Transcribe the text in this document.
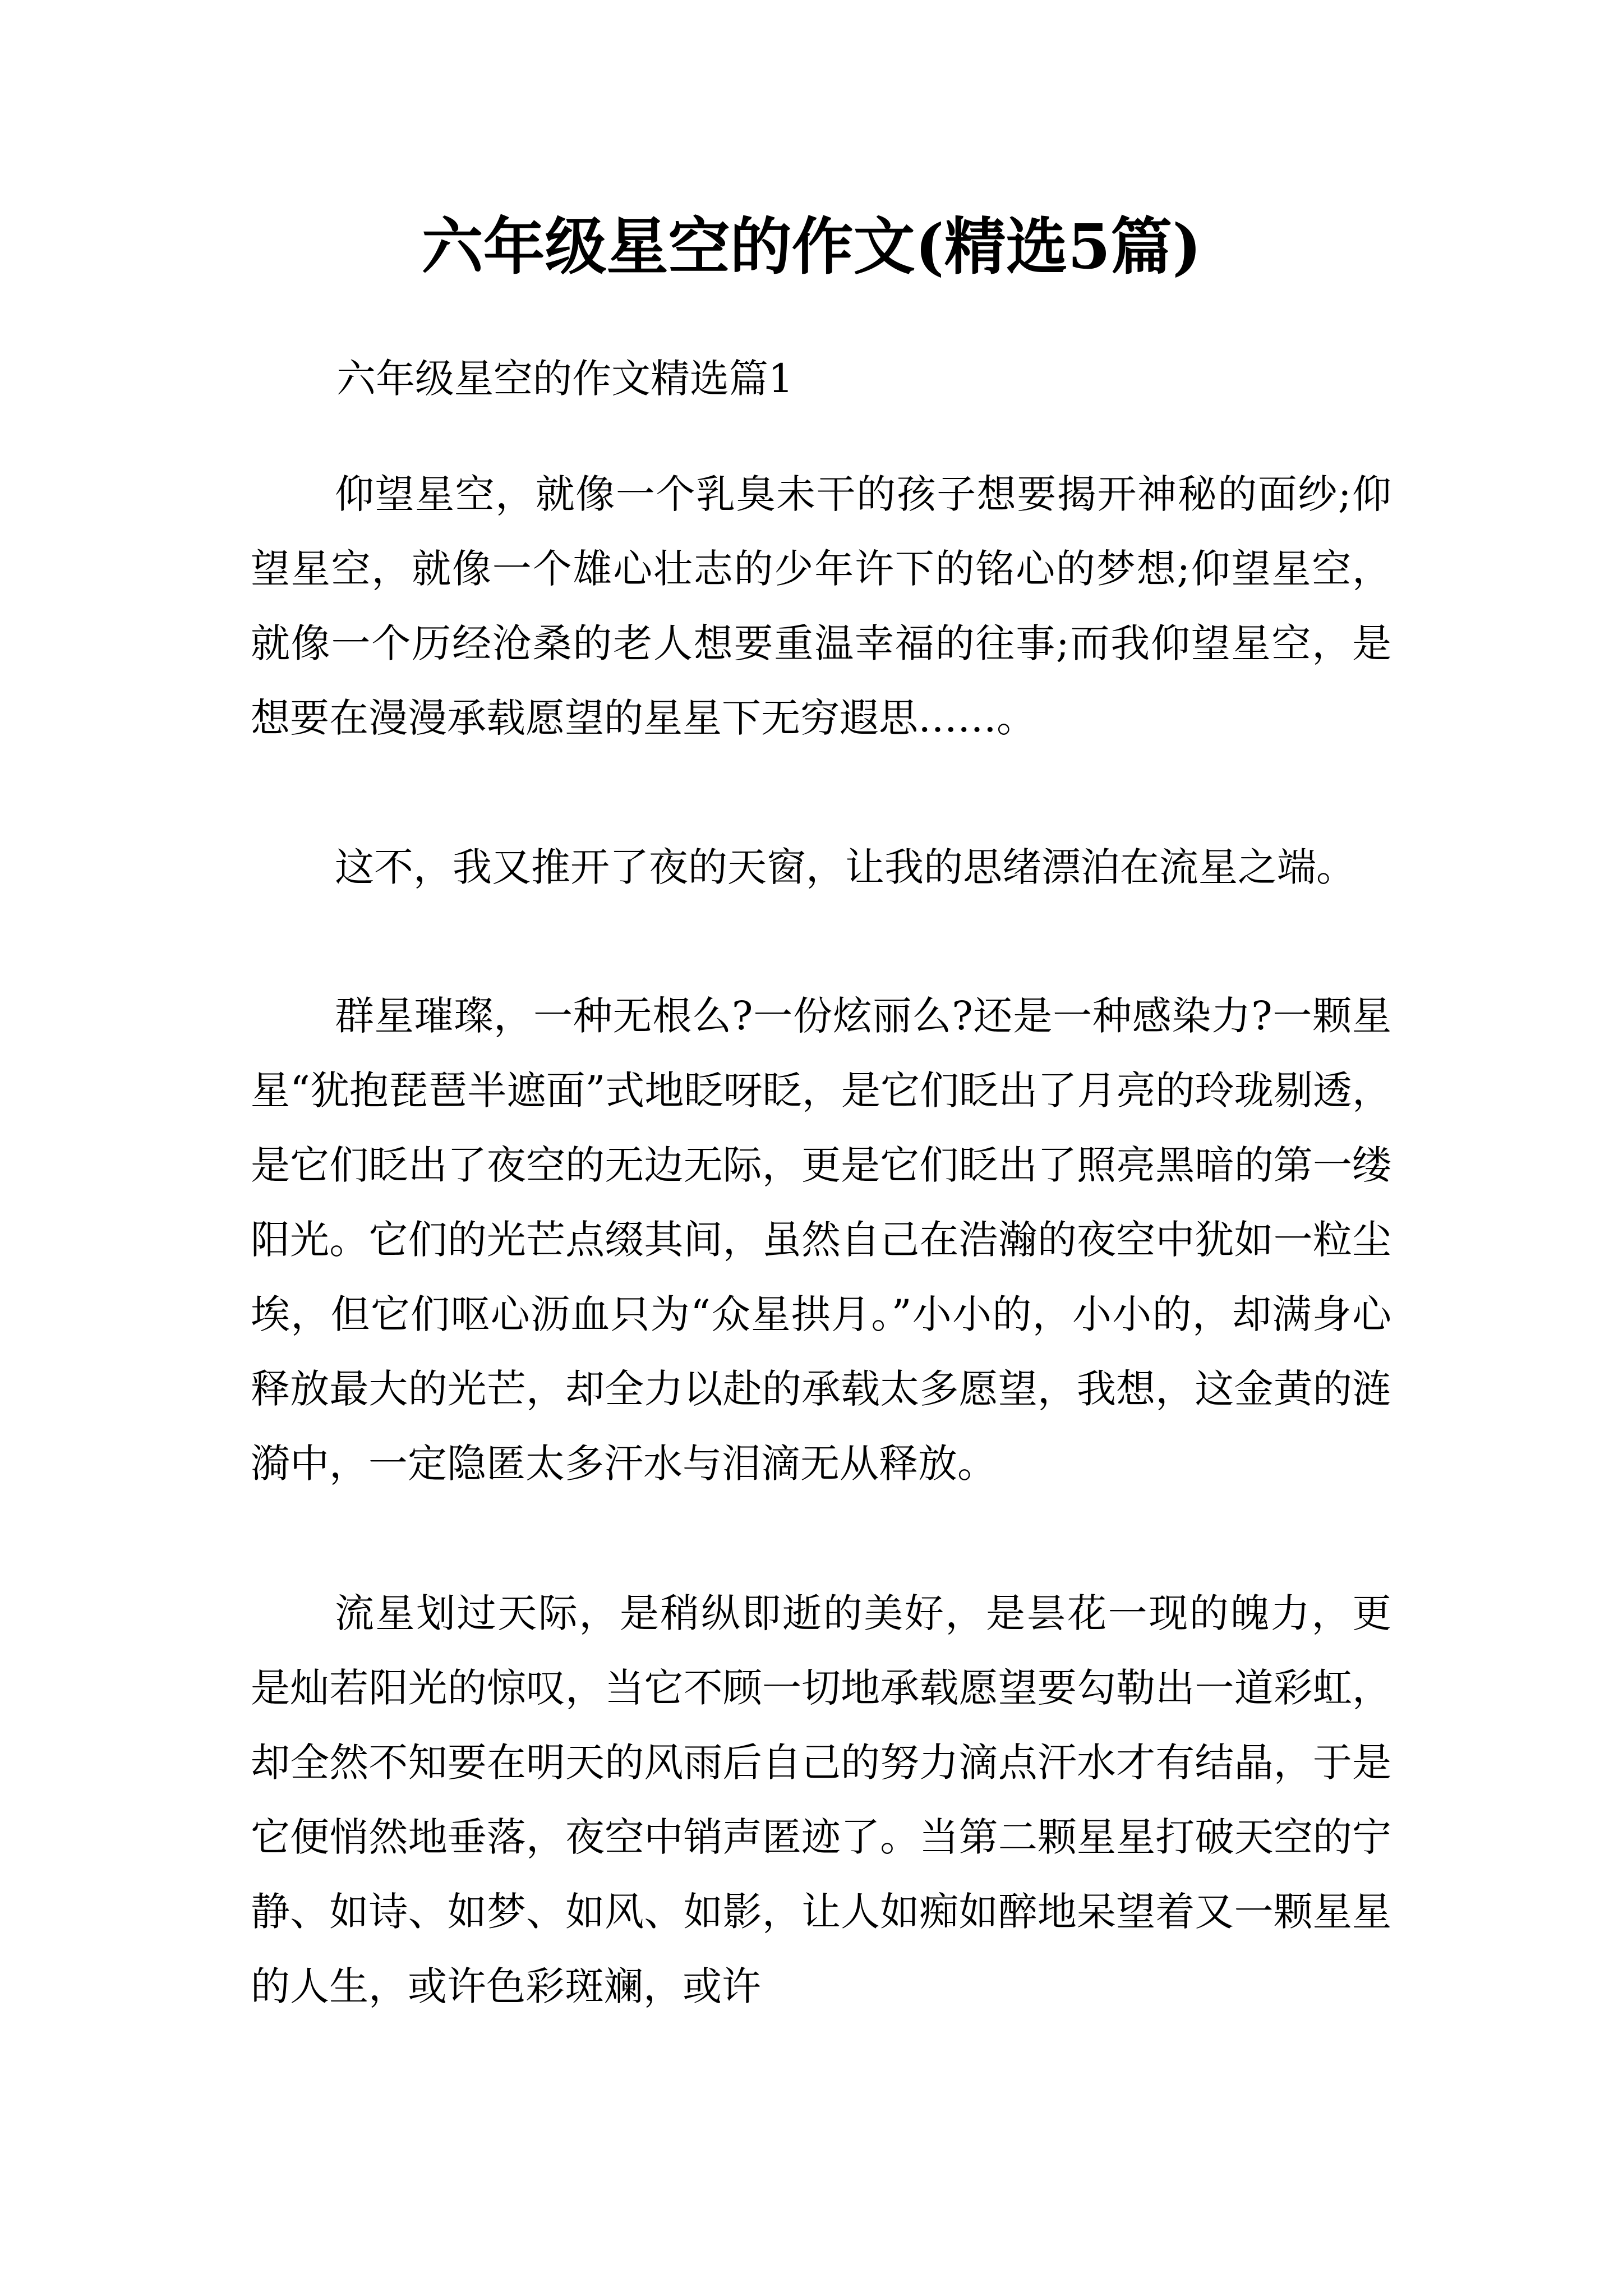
六年级星空的作文(精选5篇)

六年级星空的作文精选篇1

仰望星空，就像一个乳臭未干的孩子想要揭开神秘的面纱;仰望星空，就像一个雄心壮志的少年许下的铭心的梦想;仰望星空，就像一个历经沧桑的老人想要重温幸福的往事;而我仰望星空，是想要在漫漫承载愿望的星星下无穷遐思……。

这不，我又推开了夜的天窗，让我的思绪漂泊在流星之端。

群星璀璨，一种无根么?一份炫丽么?还是一种感染力?一颗星星“犹抱琵琶半遮面”式地眨呀眨，是它们眨出了月亮的玲珑剔透，是它们眨出了夜空的无边无际，更是它们眨出了照亮黑暗的第一缕阳光。它们的光芒点缀其间，虽然自己在浩瀚的夜空中犹如一粒尘埃，但它们呕心沥血只为“众星拱月。”小小的，小小的，却满身心释放最大的光芒，却全力以赴的承载太多愿望，我想，这金黄的涟漪中，一定隐匿太多汗水与泪滴无从释放。

流星划过天际，是稍纵即逝的美好，是昙花一现的魄力，更是灿若阳光的惊叹，当它不顾一切地承载愿望要勾勒出一道彩虹，却全然不知要在明天的风雨后自己的努力滴点汗水才有结晶，于是它便悄然地垂落，夜空中销声匿迹了。当第二颗星星打破天空的宁静、如诗、如梦、如风、如影，让人如痴如醉地呆望着又一颗星星的人生，或许色彩斑斓，或许
